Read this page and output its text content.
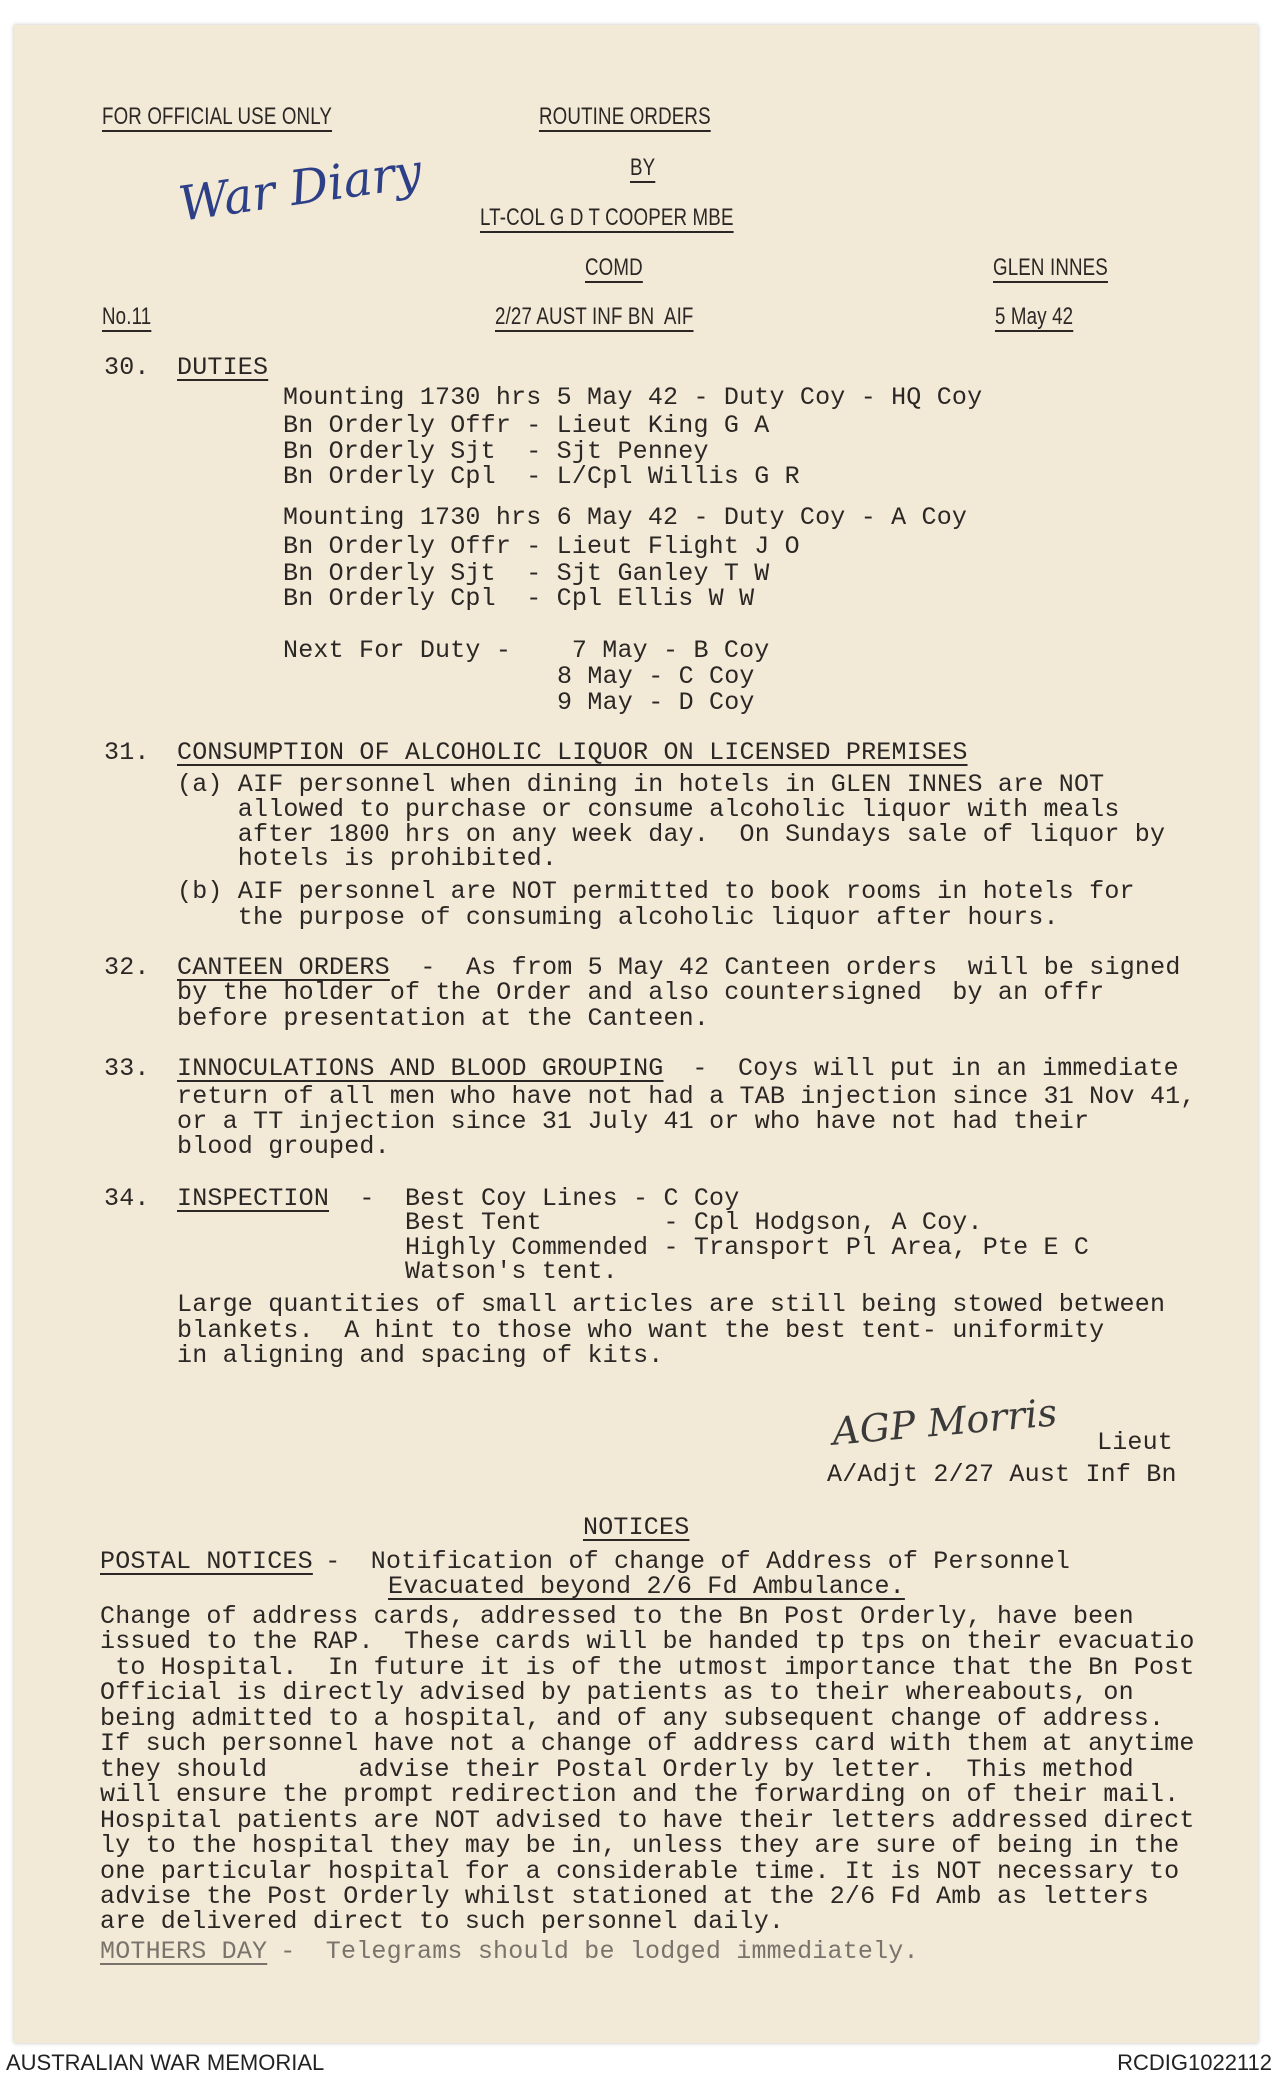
FOR OFFICIAL USE ONLY	ROUTINE ORDERS
BY
War Diary LT-COL G D T COOPER MBE
COMD	GLEN INNES
No.11	2/27 AUST INF BN  AIF	5 May 42
30. DUTIES
Mounting 1730 hrs 5 May 42 - Duty Coy - HQ Coy
Bn Orderly Offr - Lieut King G A
Bn Orderly Sjt  - Sjt Penney
Bn Orderly Cpl  - L/Cpl Willis G R
Mounting 1730 hrs 6 May 42 - Duty Coy - A Coy
Bn Orderly Offr - Lieut Flight J O
Bn Orderly Sjt  - Sjt Ganley T W
Bn Orderly Cpl  - Cpl Ellis W W
Next For Duty -    7 May - B Coy
8 May - C Coy
9 May - D Coy
31. CONSUMPTION OF ALCOHOLIC LIQUOR ON LICENSED PREMISES
(a) AIF personnel when dining in hotels in GLEN INNES are NOT
allowed to purchase or consume alcoholic liquor with meals
after 1800 hrs on any week day.  On Sundays sale of liquor by
hotels is prohibited.
(b) AIF personnel are NOT permitted to book rooms in hotels for
the purpose of consuming alcoholic liquor after hours.
32. CANTEEN ORDERS -  As from 5 May 42 Canteen orders  will be signed
by the holder of the Order and also countersigned  by an offr
before presentation at the Canteen.
33. INNOCULATIONS AND BLOOD GROUPING
-  Coys will put in an immediate
return of all men who have not had a TAB injection since 31 Nov 41,
or a TT injection since 31 July 41 or who have not had their
blood grouped.
34. INSPECTION -  Best Coy Lines - C Coy
Best Tent        - Cpl Hodgson, A Coy.
Highly Commended - Transport Pl Area, Pte E C
Watson's tent.
Large quantities of small articles are still being stowed between
blankets.  A hint to those who want the best tent- uniformity
in aligning and spacing of kits.
AGP Morris Lieut
A/Adjt 2/27 Aust Inf Bn
NOTICES
POSTAL NOTICES
-  Notification of change of Address of Personnel
Evacuated beyond 2/6 Fd Ambulance.
Change of address cards, addressed to the Bn Post Orderly, have been
issued to the RAP.  These cards will be handed tp tps on their evacuatio
to Hospital.  In future it is of the utmost importance that the Bn Post
Official is directly advised by patients as to their whereabouts, on
being admitted to a hospital, and of any subsequent change of address.
If such personnel have not a change of address card with them at anytime
they should      advise their Postal Orderly by letter.  This method
will ensure the prompt redirection and the forwarding on of their mail.
Hospital patients are NOT advised to have their letters addressed direct
ly to the hospital they may be in, unless they are sure of being in the
one particular hospital for a considerable time. It is NOT necessary to
advise the Post Orderly whilst stationed at the 2/6 Fd Amb as letters
are delivered direct to such personnel daily.
MOTHERS DAY
-  Telegrams should be lodged immediately.
AUSTRALIAN WAR MEMORIAL	RCDIG1022112
